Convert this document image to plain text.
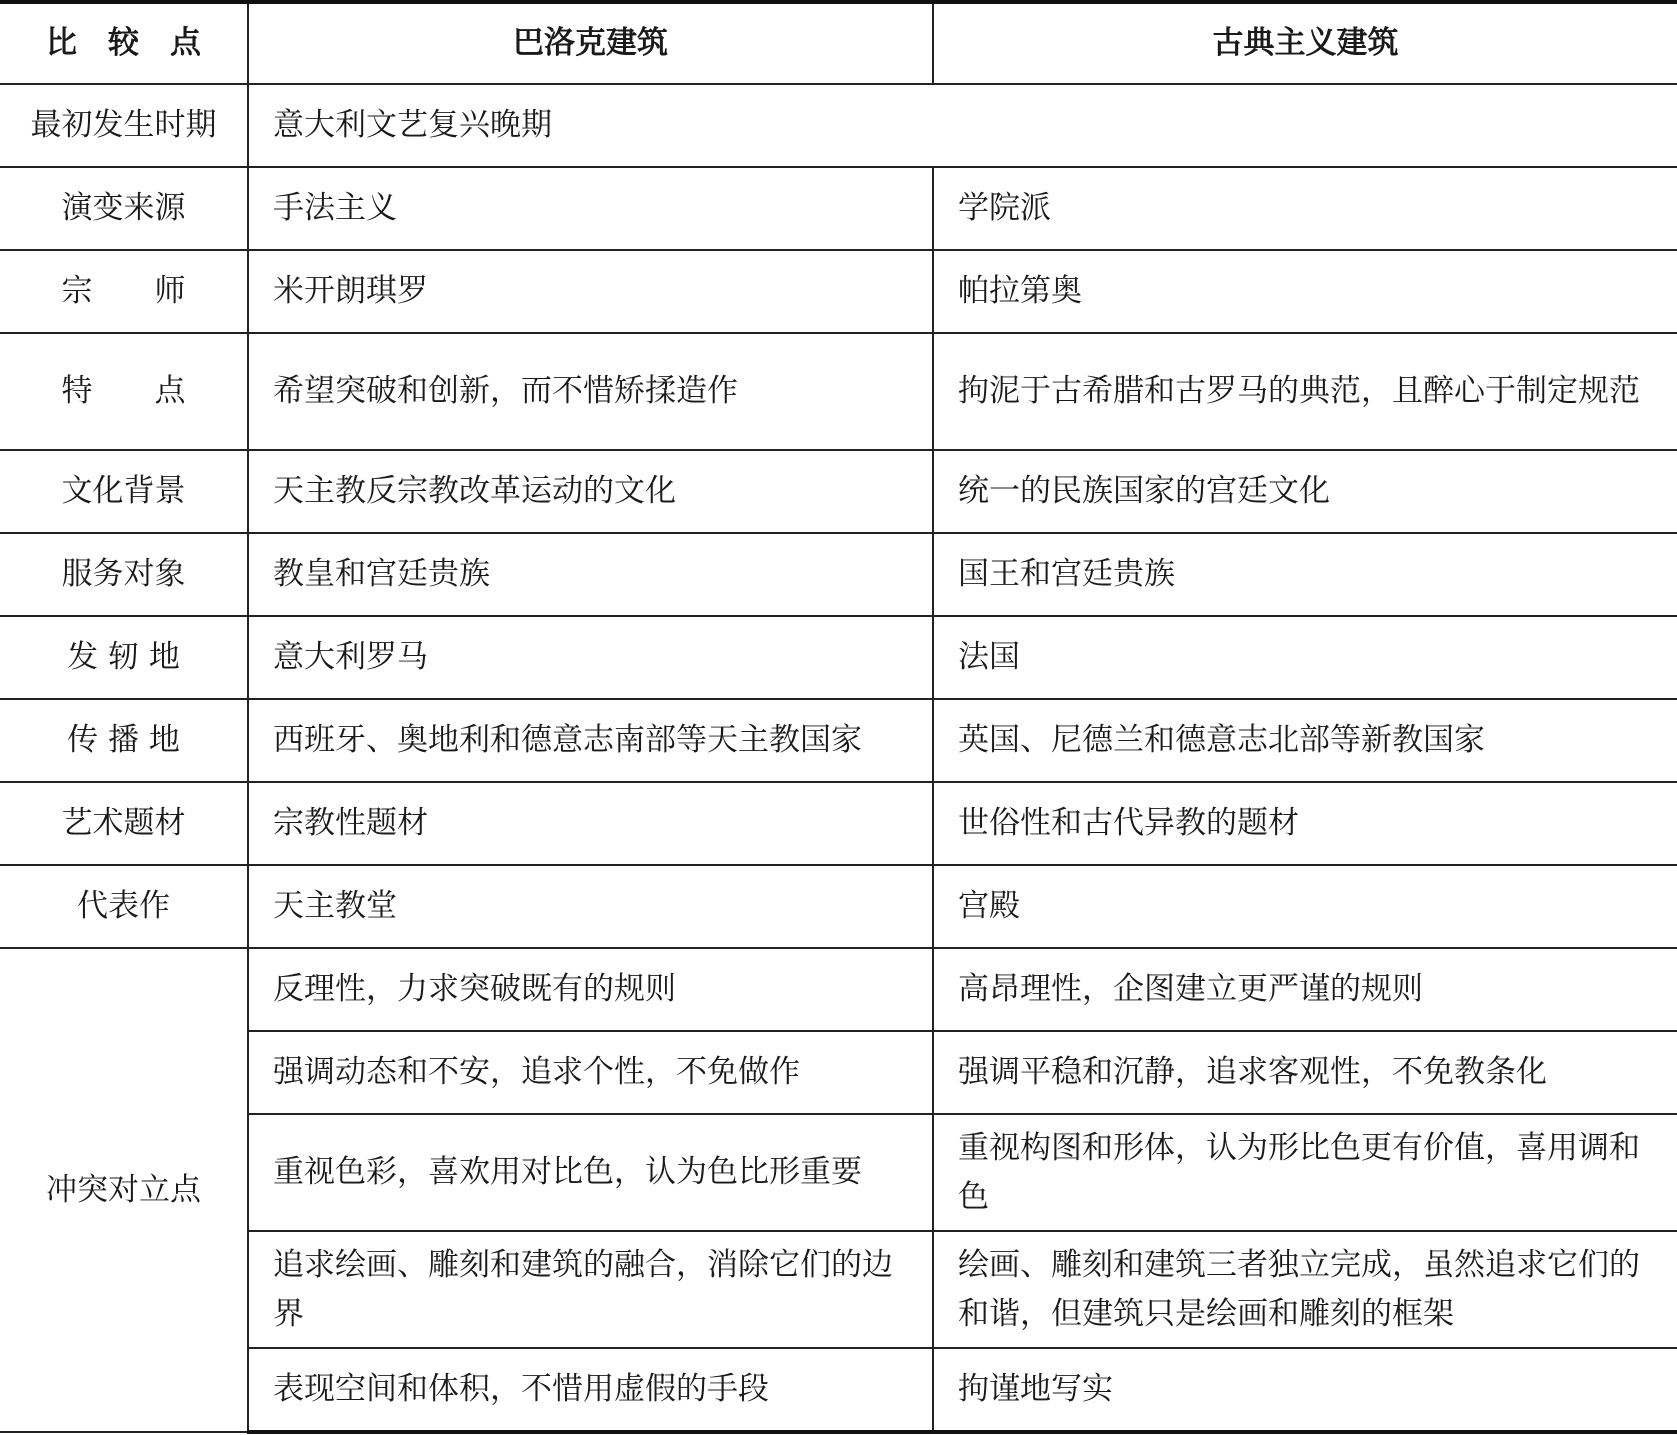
比　较　点	巴洛克建筑	古典主义建筑
最初发生时期	意大利文艺复兴晚期	
演变来源	手法主义	学院派
宗　　师	米开朗琪罗	帕拉第奥
特　　点	希望突破和创新，而不惜矫揉造作	拘泥于古希腊和古罗马的典范，且醉心于制定规范
文化背景	天主教反宗教改革运动的文化	统一的民族国家的宫廷文化
服务对象	教皇和宫廷贵族	国王和宫廷贵族
发 轫 地	意大利罗马	法国
传 播 地	西班牙、奥地利和德意志南部等天主教国家	英国、尼德兰和德意志北部等新教国家
艺术题材	宗教性题材	世俗性和古代异教的题材
代表作	天主教堂	宫殿
冲突对立点	反理性，力求突破既有的规则	高昂理性，企图建立更严谨的规则
	强调动态和不安，追求个性，不免做作	强调平稳和沉静，追求客观性，不免教条化
	重视色彩，喜欢用对比色，认为色比形重要	重视构图和形体，认为形比色更有价值，喜用调和色
	追求绘画、雕刻和建筑的融合，消除它们的边界	绘画、雕刻和建筑三者独立完成，虽然追求它们的和谐，但建筑只是绘画和雕刻的框架
	表现空间和体积，不惜用虚假的手段	拘谨地写实
